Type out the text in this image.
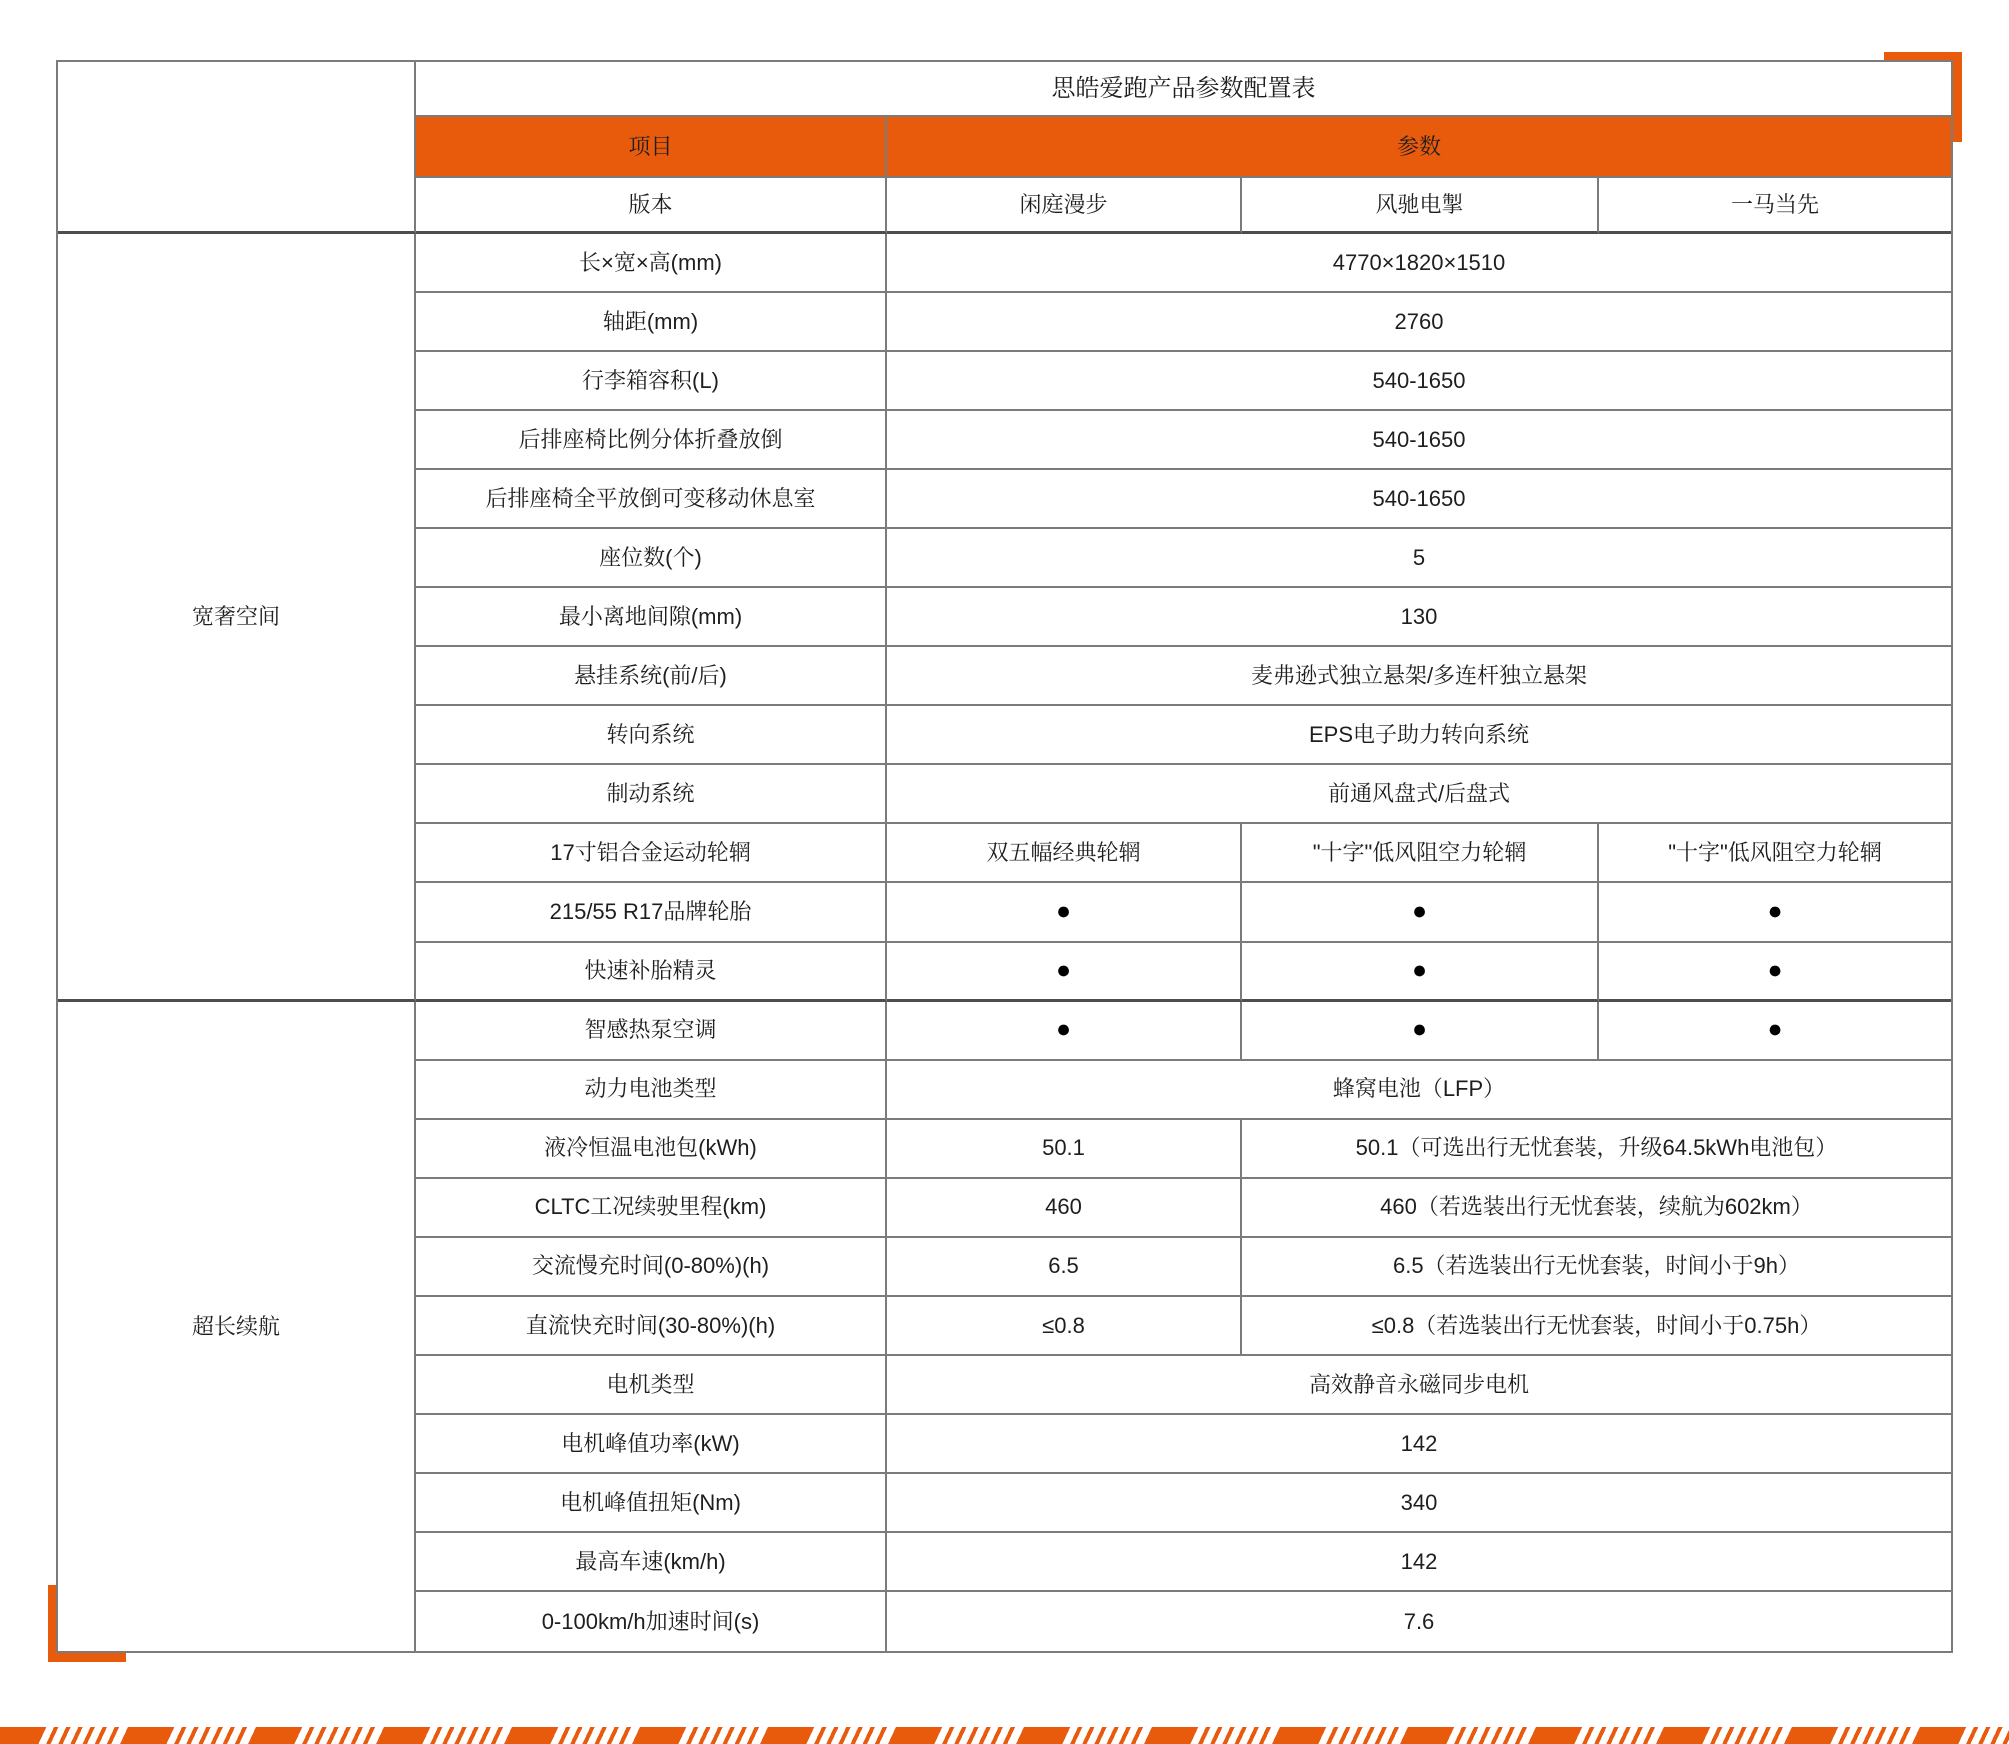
思皓爱跑产品参数配置表
项目	参数
版本	闲庭漫步	风驰电掣	一马当先
宽奢空间
长×宽×高(mm)	4770×1820×1510
轴距(mm)	2760
行李箱容积(L)	540-1650
后排座椅比例分体折叠放倒	540-1650
后排座椅全平放倒可变移动休息室	540-1650
座位数(个)	5
最小离地间隙(mm)	130
悬挂系统(前/后)	麦弗逊式独立悬架/多连杆独立悬架
转向系统	EPS电子助力转向系统
制动系统	前通风盘式/后盘式
17寸铝合金运动轮辋	双五幅经典轮辋	"十字"低风阻空力轮辋	"十字"低风阻空力轮辋
215/55 R17品牌轮胎	●	●	●
快速补胎精灵	●	●	●
超长续航
智感热泵空调	●	●	●
动力电池类型	蜂窝电池（LFP）
液冷恒温电池包(kWh)	50.1	50.1（可选出行无忧套装，升级64.5kWh电池包）
CLTC工况续驶里程(km)	460	460（若选装出行无忧套装，续航为602km）
交流慢充时间(0-80%)(h)	6.5	6.5（若选装出行无忧套装，时间小于9h）
直流快充时间(30-80%)(h)	≤0.8	≤0.8（若选装出行无忧套装，时间小于0.75h）
电机类型	高效静音永磁同步电机
电机峰值功率(kW)	142
电机峰值扭矩(Nm)	340
最高车速(km/h)	142
0-100km/h加速时间(s)	7.6
